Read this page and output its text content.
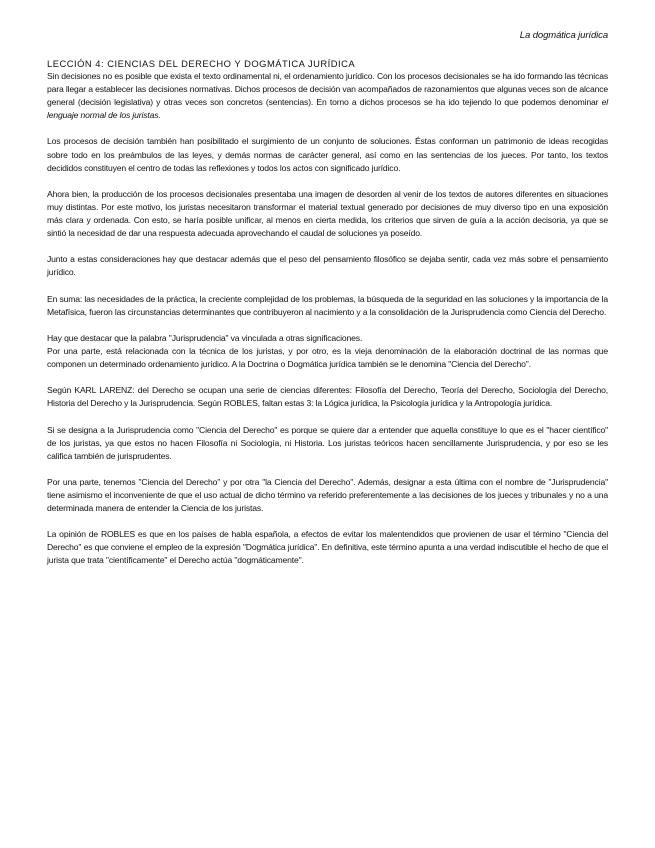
La dogmática jurídica
LECCIÓN 4: CIENCIAS DEL DERECHO Y DOGMÁTICA JURÍDICA

Sin decisiones no es posible que exista el texto ordinamental ni, el ordenamiento jurídico. Con los procesos decisionales se ha ido formando las técnicas para llegar a establecer las decisiones normativas. Dichos procesos de decisión van acompañados de razonamientos que algunas veces son de alcance general (decisión legislativa) y otras veces son concretos (sentencias). En torno a dichos procesos se ha ido tejiendo lo que podemos denominar el lenguaje normal de los juristas.

Los procesos de decisión también han posibilitado el surgimiento de un conjunto de soluciones. Éstas conforman un patrimonio de ideas recogidas sobre todo en los preámbulos de las leyes, y demás normas de carácter general, así como en las sentencias de los jueces. Por tanto, los textos decididos constituyen el centro de todas las reflexiones y todos los actos con significado jurídico.

Ahora bien, la producción de los procesos decisionales presentaba una imagen de desorden al venir de los textos de autores diferentes en situaciones muy distintas. Por este motivo, los juristas necesitaron transformar el material textual generado por decisiones de muy diverso tipo en una exposición más clara y ordenada. Con esto, se haría posible unificar, al menos en cierta medida, los criterios que sirven de guía a la acción decisoria, ya que se sintió la necesidad de dar una respuesta adecuada aprovechando el caudal de soluciones ya poseído.

Junto a estas consideraciones hay que destacar además que el peso del pensamiento filosófico se dejaba sentir, cada vez más sobre el pensamiento jurídico.

En suma: las necesidades de la práctica, la creciente complejidad de los problemas, la búsqueda de la seguridad en las soluciones y la importancia de la Metafísica, fueron las circunstancias determinantes que contribuyeron al nacimiento y a la consolidación de la Jurisprudencia como Ciencia del Derecho.

Hay que destacar que la palabra "Jurisprudencia" va vinculada a otras significaciones.

Por una parte, está relacionada con la técnica de los juristas, y por otro, es la vieja denominación de la elaboración doctrinal de las normas que componen un determinado ordenamiento jurídico. A la Doctrina o Dogmática jurídica también se le denomina "Ciencia del Derecho".

Según KARL LARENZ: del Derecho se ocupan una serie de ciencias diferentes: Filosofía del Derecho, Teoría del Derecho, Sociología del Derecho, Historia del Derecho y la Jurisprudencia. Según ROBLES, faltan estas 3: la Lógica jurídica, la Psicología jurídica y la Antropología jurídica.

Si se designa a la Jurisprudencia como "Ciencia del Derecho" es porque se quiere dar a entender que aquella constituye lo que es el "hacer científico" de los juristas, ya que estos no hacen Filosofía ni Sociología, ni Historia. Los juristas teóricos hacen sencillamente Jurisprudencia, y por eso se les califica también de jurisprudentes.

Por una parte, tenemos "Ciencia del Derecho" y por otra "la Ciencia del Derecho". Además, designar a esta última con el nombre de "Jurisprudencia" tiene asimismo el inconveniente de que el uso actual de dicho término va referido preferentemente a las decisiones de los jueces y tribunales y no a una determinada manera de entender la Ciencia de los juristas.

La opinión de ROBLES es que en los países de habla española, a efectos de evitar los malentendidos que provienen de usar el término "Ciencia del Derecho" es que conviene el empleo de la expresión "Dogmática jurídica". En definitiva, este término apunta a una verdad indiscutible el hecho de que el jurista que trata "científicamente" el Derecho actúa "dogmáticamente".
